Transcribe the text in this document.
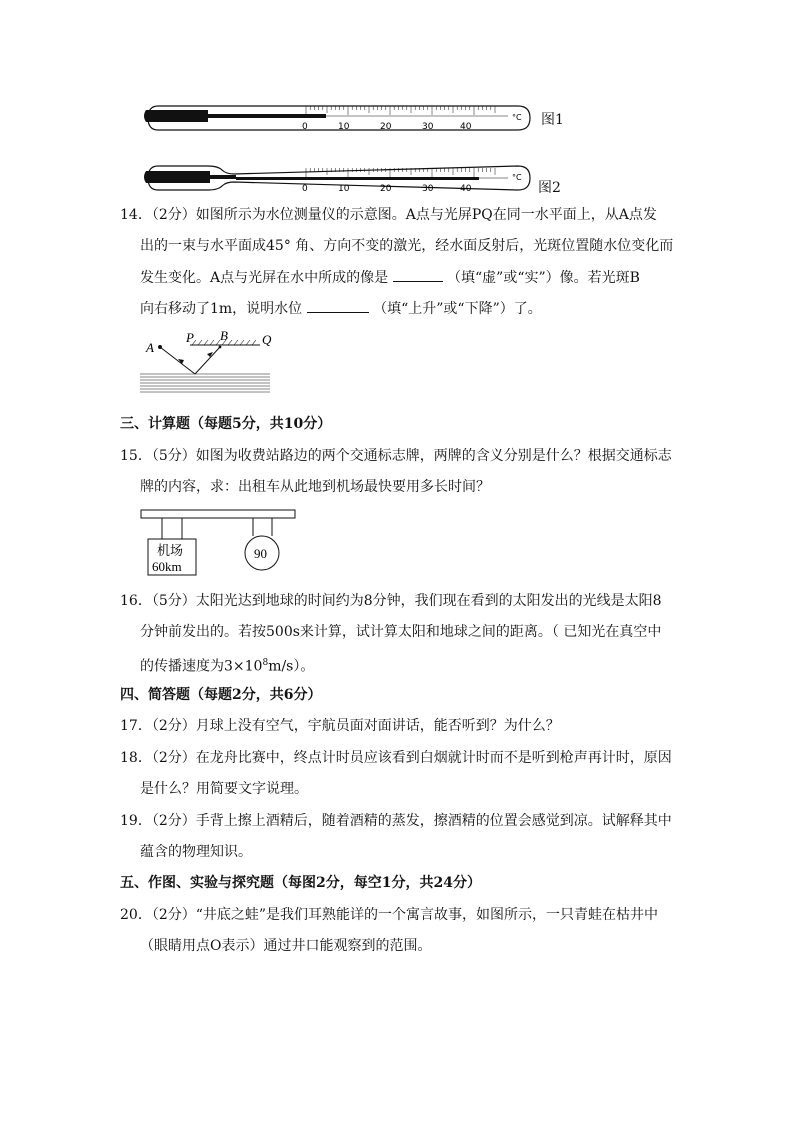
0	10	20	30	40
°C 图1
0	10	20	30	40
°C
图2
14．（2分）如图所示为水位测量仪的示意图。A点与光屏PQ在同一水平面上，从A点发
出的一束与水平面成45° 角、方向不变的激光，经水面反射后，光斑位置随水位变化而
发生变化。A点与光屏在水中所成的像是	（填“虚”或“实”）像。若光斑B
向右移动了1m，说明水位	（填“上升”或“下降”）了。
A
P B	Q
三、计算题（每题5分，共10分）
15．（5分）如图为收费站路边的两个交通标志牌，两牌的含义分别是什么？根据交通标志
牌的内容，求：出租车从此地到机场最快要用多长时间？
机场
60km
90
16．（5分）太阳光达到地球的时间约为8分钟，我们现在看到的太阳发出的光线是太阳8
分钟前发出的。若按500s来计算，试计算太阳和地球之间的距离。（ 已知光在真空中
的传播速度为$3\times 10^8m/s$）。
四、简答题（每题2分，共6分）
17．（2分）月球上没有空气，宇航员面对面讲话，能否听到？为什么？
18．（2分）在龙舟比赛中，终点计时员应该看到白烟就计时而不是听到枪声再计时，原因
是什么？用简要文字说理。
19．（2分）手背上擦上酒精后，随着酒精的蒸发，擦酒精的位置会感觉到凉。试解释其中
蕴含的物理知识。
五、作图、实验与探究题（每图2分，每空1分，共24分）
20．（2分）“井底之蛙”是我们耳熟能详的一个寓言故事，如图所示，一只青蛙在枯井中
（眼睛用点O表示）通过井口能观察到的范围。
